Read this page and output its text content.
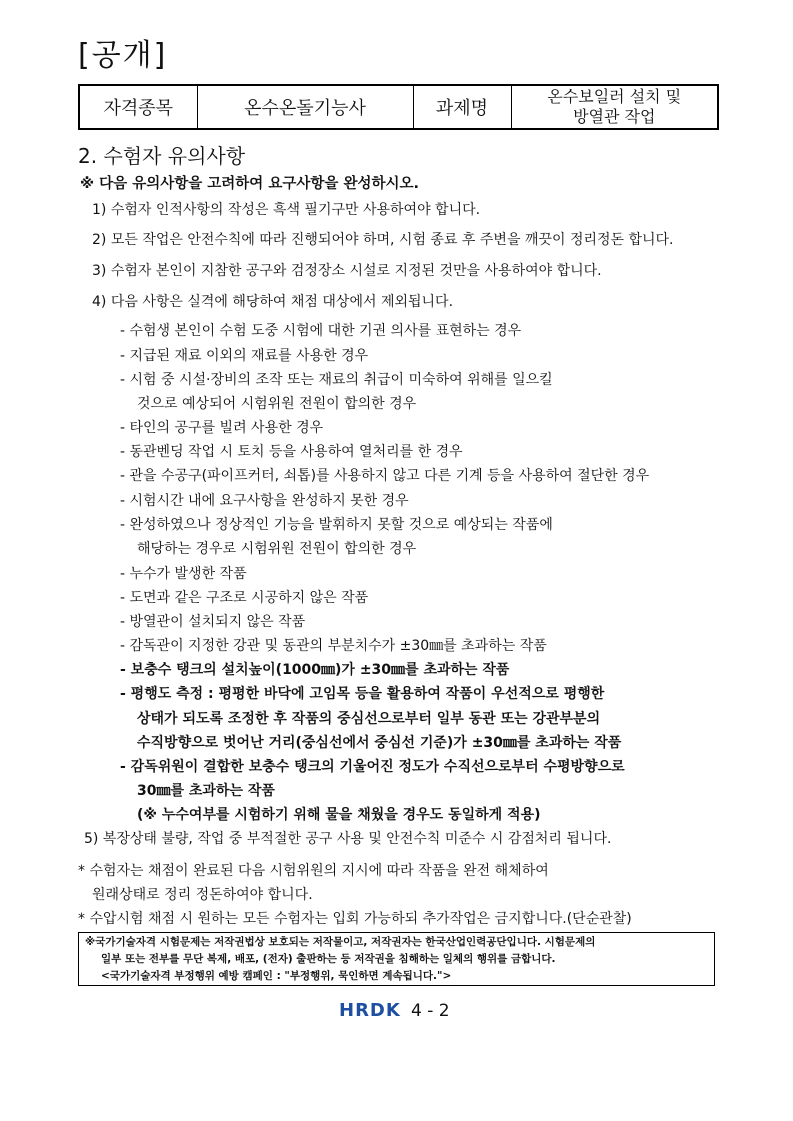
[공개]
자격종목	온수온돌기능사	과제명	
온수보일러 설치 및
방열관 작업
2. 수험자 유의사항
※ 다음 유의사항을 고려하여 요구사항을 완성하시오.
1) 수험자 인적사항의 작성은 흑색 필기구만 사용하여야 합니다.
2) 모든 작업은 안전수칙에 따라 진행되어야 하며, 시험 종료 후 주변을 깨끗이 정리정돈 합니다.
3) 수험자 본인이 지참한 공구와 검정장소 시설로 지정된 것만을 사용하여야 합니다.
4) 다음 사항은 실격에 해당하여 채점 대상에서 제외됩니다.
- 수험생 본인이 수험 도중 시험에 대한 기권 의사를 표현하는 경우
- 지급된 재료 이외의 재료를 사용한 경우
- 시험 중 시설·장비의 조작 또는 재료의 취급이 미숙하여 위해를 일으킬
것으로 예상되어 시험위원 전원이 합의한 경우
- 타인의 공구를 빌려 사용한 경우
- 동관벤딩 작업 시 토치 등을 사용하여 열처리를 한 경우
- 관을 수공구(파이프커터, 쇠톱)를 사용하지 않고 다른 기계 등을 사용하여 절단한 경우
- 시험시간 내에 요구사항을 완성하지 못한 경우
- 완성하였으나 정상적인 기능을 발휘하지 못할 것으로 예상되는 작품에
해당하는 경우로 시험위원 전원이 합의한 경우
- 누수가 발생한 작품
- 도면과 같은 구조로 시공하지 않은 작품
- 방열관이 설치되지 않은 작품
- 감독관이 지정한 강관 및 동관의 부분치수가 ±30㎜를 초과하는 작품
- 보충수 탱크의 설치높이(1000㎜)가 ±30㎜를 초과하는 작품
- 평행도 측정 : 평평한 바닥에 고임목 등을 활용하여 작품이 우선적으로 평행한
상태가 되도록 조정한 후 작품의 중심선으로부터 일부 동관 또는 강관부분의
수직방향으로 벗어난 거리(중심선에서 중심선 기준)가 ±30㎜를 초과하는 작품
- 감독위원이 결합한 보충수 탱크의 기울어진 정도가 수직선으로부터 수평방향으로
30㎜를 초과하는 작품
(※ 누수여부를 시험하기 위해 물을 채웠을 경우도 동일하게 적용)
5) 복장상태 불량, 작업 중 부적절한 공구 사용 및 안전수칙 미준수 시 감점처리 됩니다.
* 수험자는 채점이 완료된 다음 시험위원의 지시에 따라 작품을 완전 해체하여
원래상태로 정리 정돈하여야 합니다.
* 수압시험 채점 시 원하는 모든 수험자는 입회 가능하되 추가작업은 금지합니다.(단순관찰)
※국가기술자격 시험문제는 저작권법상 보호되는 저작물이고, 저작권자는 한국산업인력공단입니다. 시험문제의
일부 또는 전부를 무단 복제, 배포, (전자) 출판하는 등 저작권을 침해하는 일체의 행위를 금합니다.
<국가기술자격 부정행위 예방 캠페인 : "부정행위, 묵인하면 계속됩니다.">
HRDK 4 - 2
